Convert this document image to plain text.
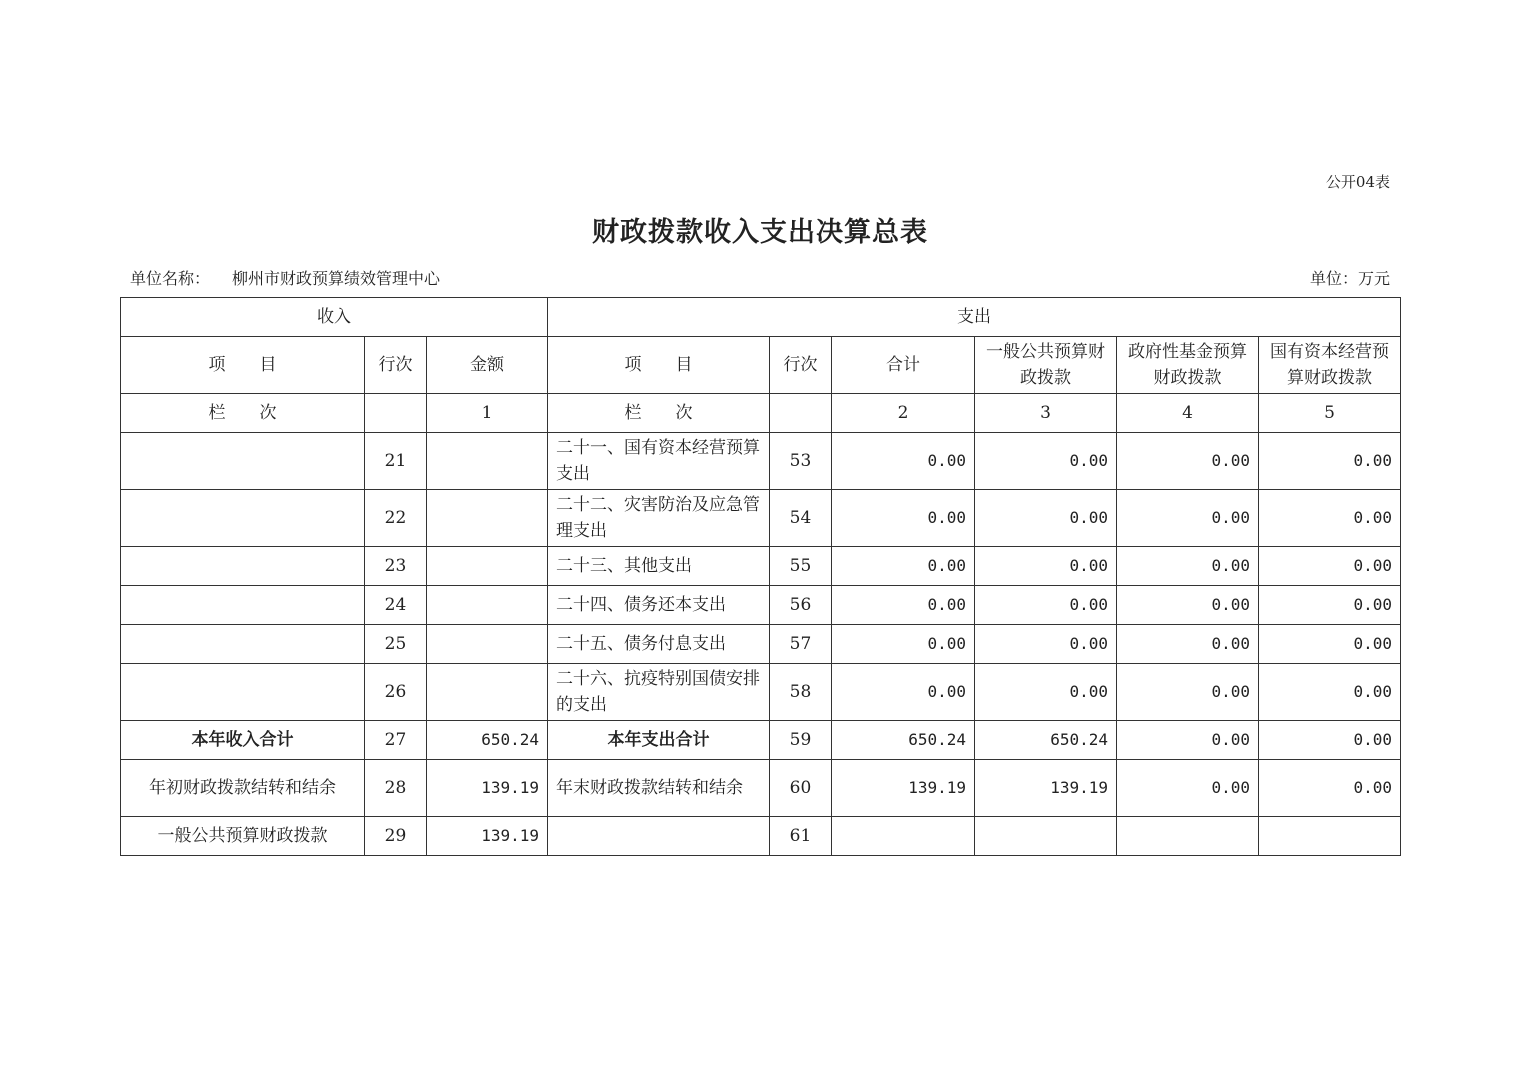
公开04表
财政拨款收入支出决算总表
单位名称： 柳州市财政预算绩效管理中心	单位：万元
收入			支出					
项　　目	行次	金额	项　　目	行次	合计	一般公共预算财政拨款	政府性基金预算财政拨款	国有资本经营预算财政拨款
栏　　次		1	栏　　次		2	3	4	5
	21		二十一、国有资本经营预算支出	53	0.00	0.00	0.00	0.00
	22		二十二、灾害防治及应急管理支出	54	0.00	0.00	0.00	0.00
	23		二十三、其他支出	55	0.00	0.00	0.00	0.00
	24		二十四、债务还本支出	56	0.00	0.00	0.00	0.00
	25		二十五、债务付息支出	57	0.00	0.00	0.00	0.00
	26		二十六、抗疫特别国债安排的支出	58	0.00	0.00	0.00	0.00
本年收入合计	27	650.24	本年支出合计	59	650.24	650.24	0.00	0.00
年初财政拨款结转和结余	28	139.19	年末财政拨款结转和结余	60	139.19	139.19	0.00	0.00
一般公共预算财政拨款	29	139.19		61				
